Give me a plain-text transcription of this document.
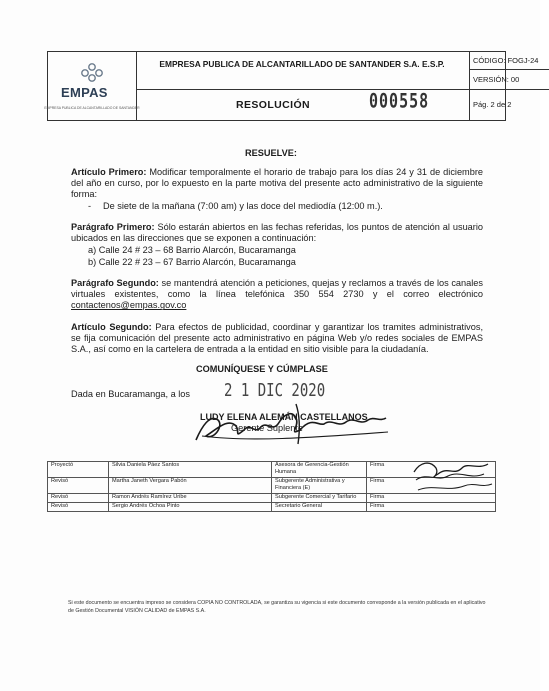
EMPAS
EMPRESA PUBLICA DE ALCANTARILLADO DE SANTANDER
EMPRESA PUBLICA DE ALCANTARILLADO DE SANTANDER S.A. E.S.P.
RESOLUCIÓN	000558
CÓDIGO: FOGJ-24
VERSIÓN: 00
Pág. 2 de 2
RESUELVE:
Artículo Primero: Modificar temporalmente el horario de trabajo para los días 24 y 31 de diciembre del año en curso, por lo expuesto en la parte motiva del presente acto administrativo de la siguiente forma:
- De siete de la mañana (7:00 am) y las doce del mediodía (12:00 m.).
Parágrafo Primero: Sólo estarán abiertos en las fechas referidas, los puntos de atención al usuario ubicados en las direcciones que se exponen a continuación:
a) Calle 24 # 23 – 68 Barrio Alarcón, Bucaramanga
b) Calle 22 # 23 – 67 Barrio Alarcón, Bucaramanga
Parágrafo Segundo: se mantendrá atención a peticiones, quejas y reclamos a través de los canales virtuales existentes, como la línea telefónica 350 554 2730 y el correo electrónico contactenos@empas.gov.co
Artículo Segundo: Para efectos de publicidad, coordinar y garantizar los tramites administrativos, se fija comunicación del presente acto administrativo en página Web y/o redes sociales de EMPAS S.A., así como en la cartelera de entrada a la entidad en sitio visible para la ciudadanía.
COMUNÍQUESE Y CÚMPLASE
Dada en Bucaramanga, a los 2 1 DIC 2020
LUDY ELENA ALEMÁN CASTELLANOS
Gerente Suplente
Proyectó	Silvia Daniela Páez Santos	Asesora de Gerencia-Gestión Humana	Firma
Revisó	Martha Janeth Vergara Pabón	Subgerente Administrativa y Financiera (E)	Firma
Revisó	Ramon Andrés Ramírez Uribe	Subgerente Comercial y Tarifario	Firma
Revisó	Sergio Andrés Ochoa Pinto	Secretario General	Firma
Si este documento se encuentra impreso se considera COPIA NO CONTROLADA, se garantiza su vigencia si este documento corresponde a la versión publicada en el aplicativo de Gestión Documental VISIÓN CALIDAD de EMPAS S.A.
